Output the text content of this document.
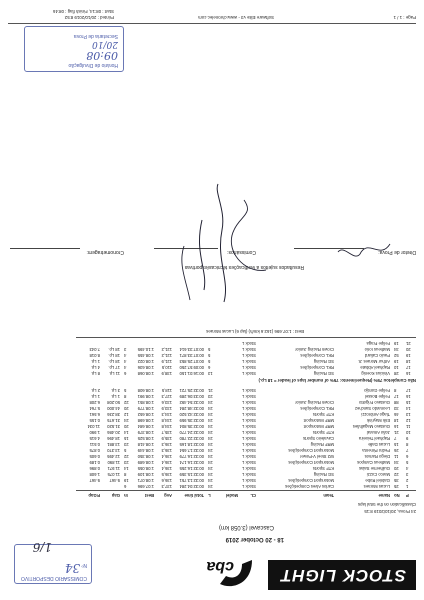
STOCK LIGHT
cba
COMISSARIO DESPORTIVO
Nº 34
1/6
18 - 20 October 2019
Cascavel (3.058 km)
24 Prova, 20/10/2019 8:15
Classification on the total laps
P
No
Name
Team
CL
Model
L
Total time
Avg
Best
In
Gap
P.Gap
1
25
Lucas Moraes
Carlos Alves Competições
Stock L
24
00:32:04.284
137,3
1:07.696
6
2
35
Gabriel Robe
Motorsport Competições
Stock L
24
00:32:13.751
136,6
1:08.071
19
9.467
9.467
3
22
Marco Cozzi
SG Racing
Stock L
24
00:32:15.359
136,5
1:08.109
8
11.075
1.608
4
20
Guilherme Salas
KTF Sports
Stock L
24
00:32:16.255
136,4
1:08.055
14
11.971
0.896
5
34
Matheus Campos
Motorsport Competições
Stock L
24
00:32:16.174
136,4
1:08.689
23
11.890
0.189
6
11
Diego Ramos
W2 Steel V-Power
Stock L
24
00:32:16.779
136,4
1:08.350
22
12.495
0.605
7
26
Pedro Pimenta
Motorsport Competições
Stock L
24
00:32:17.654
136,3
1:08.449
5
13.370
0.875
8
15
Lucas Dalle
MRF Racing
Stock L
24
00:32:18.165
136,3
1:08.418
23
13.881
0.511
9
7
Raphael Teixeira
Cavaleiro Sports
Stock L
24
00:32:22.780
135,9
1:08.525
15
18.496
4.615
10
21
João Amaral
KTF Sports
Stock L
24
00:32:24.770
135,7
1:08.379
14
20.486
1.990
11
16
Gustavo Magalhães
MRF Motorsport
Stock L
24
00:32:35.804
134,8
1:08.684
20
31.520
11.034
12
18
Erik Mayrink
MRF Motorsport
Stock L
24
00:32:35.959
134,8
1:08.698
24
31.675
0.155
13
46
Tiago Ambrozzi
KTF Sports
Stock L
24
00:32:42.520
134,3
1:08.652
12
38.236
6.561
14
33
Leonardo Sanchez
RKL Competições
Stock L
24
00:32:48.284
133,9
1:08.779
20
44.000
5.764
15
88
Gustavo Frigotto
Crown Racing Junior
Stock L
24
00:32:54.492
133,6
1:08.851
22
50.208
6.208
16
17
Felipe Bossel
Stock L
23
00:33:06.289
127,3
1:08.991
8
1 Lp.
1 Lp.
17
8
Felipe Gontijo
Stock L
21
00:32:25.721
118,5
1:08.608
5
3 Lp.
2 Lp.
Não Completou 75% (Requerimento: 75% of number laps of leader = 18 Lp.)
16
28
Vinicius Koenig
SG Racing
Stock L
13
00:16:01.150
138,9
1:08.068
6
11 Lp.
8 Lp.
17
10
Raphael Abbate
RKL Competições
Stock L
6
00:09:57.250
110,5
1:08.636
4
17 Lp.
4 Lp.
18
19
Arthur Moraes Jr.
SG Racing
Stock L
5
00:07:25.853
121,9
1:08.022
4
18 Lp.
1 Lp.
19
52
Paulo Caliard
RKL Competições
Stock L
5
00:07:33.871
121,2
1:08.455
4
18 Lp.
8.018
20
34
Matheus Iorio
Crown Racing Junior
Stock L
5
00:07:33.614
121,2
1:10.495
3
18 Lp.
7.043
21
19
Felipe Fraga
Stock L
Best : 1:07.696 (162.6 km/h) (lap 6) Lucas Moraes
Resultados sujeitos a verificações técnicas/esportivas
Diretor de Prova:
Comissários:
Cronometragem:
Horário de Divulgação
09:08
20/10
Secretaria de Prova
Page : 1 / 1
Software Elite v3 - www.chronelec.com
Printed : 20/10/2019 8:52
Start : 08:14, Finish flag : 08:46
